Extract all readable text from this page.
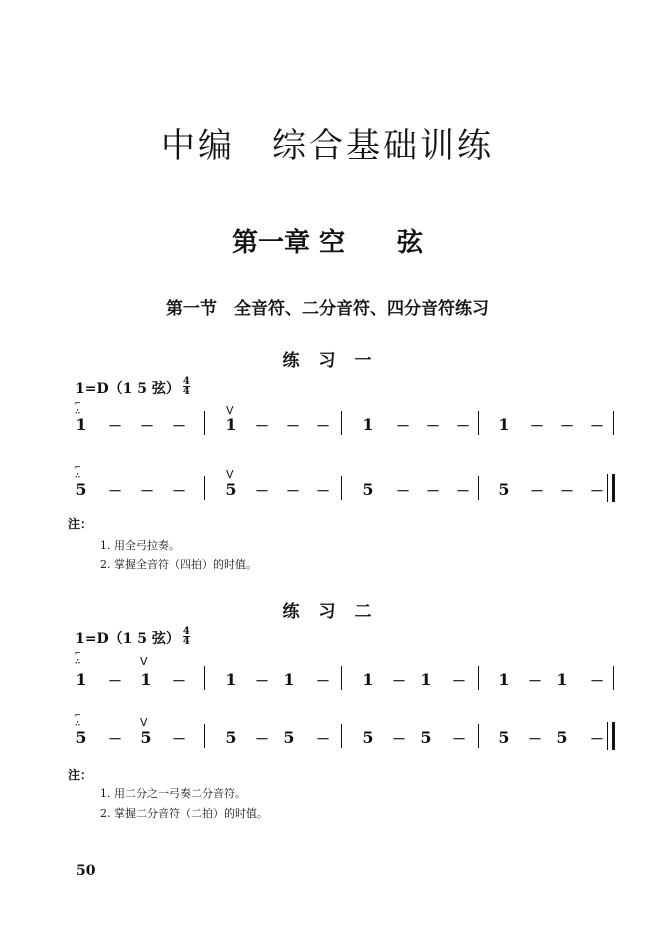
中编　综合基础训练
第一章 空　　弦
第一节　全音符、二分音符、四分音符练习
练　习　一
1=D（1 5 弦） $\frac{4}{4}$
⌐
∴	V
1	1	1	1
－ － －	－ － －	－ － －	－ － －
⌐
∴	V
5	5	5	5
－ － －	－ － －	－ － －	－ － －
注：
1. 用全弓拉奏。
2. 掌握全音符（四拍）的时值。
练　习　二
1=D（1 5 弦） $\frac{4}{4}$
⌐
∴	V
1	1	1	1	1	1	1	1
－	－	－	－	－	－	－	－
⌐
∴	V
5	5	5	5	5	5	5	5
－	－	－	－	－	－	－	－
注：
1. 用二分之一弓奏二分音符。
2. 掌握二分音符（二拍）的时值。
50
